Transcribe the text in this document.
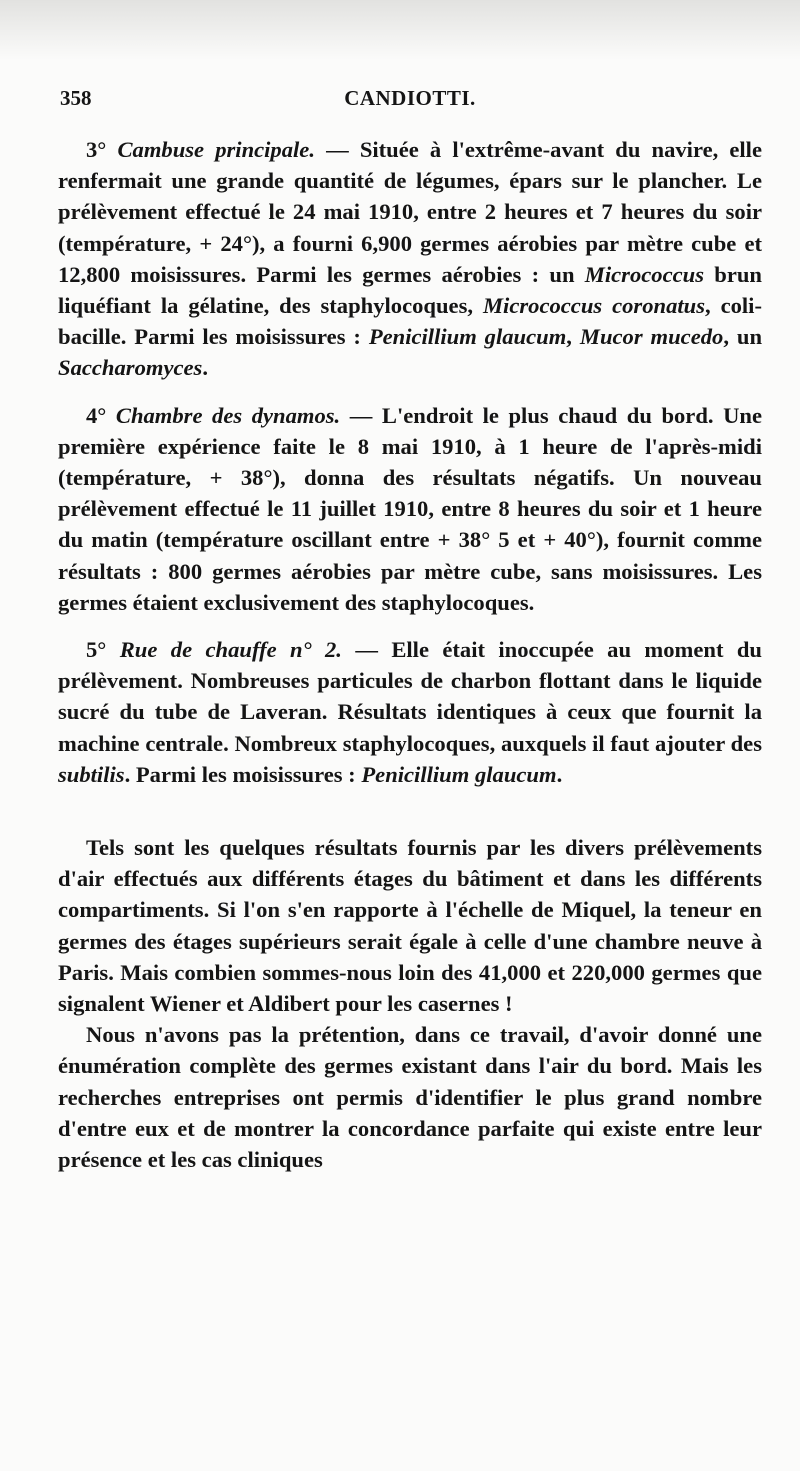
358	CANDIOTTI.

3° Cambuse principale. — Située à l'extrême-avant du navire, elle renfermait une grande quantité de légumes, épars sur le plancher. Le prélèvement effectué le 24 mai 1910, entre 2 heures et 7 heures du soir (température, + 24°), a fourni 6,900 germes aérobies par mètre cube et 12,800 moisissures. Parmi les germes aérobies : un Micrococcus brun liquéfiant la gélatine, des staphylocoques, Micrococcus coronatus, coli-bacille. Parmi les moisissures : Penicillium glaucum, Mucor mucedo, un Saccharomyces.

4° Chambre des dynamos. — L'endroit le plus chaud du bord. Une première expérience faite le 8 mai 1910, à 1 heure de l'après-midi (température, + 38°), donna des résultats négatifs. Un nouveau prélèvement effectué le 11 juillet 1910, entre 8 heures du soir et 1 heure du matin (température oscillant entre + 38° 5 et + 40°), fournit comme résultats : 800 germes aérobies par mètre cube, sans moisissures. Les germes étaient exclusivement des staphylocoques.

5° Rue de chauffe n° 2. — Elle était inoccupée au moment du prélèvement. Nombreuses particules de charbon flottant dans le liquide sucré du tube de Laveran. Résultats identiques à ceux que fournit la machine centrale. Nombreux staphylocoques, auxquels il faut ajouter des subtilis. Parmi les moisissures : Penicillium glaucum.

Tels sont les quelques résultats fournis par les divers prélèvements d'air effectués aux différents étages du bâtiment et dans les différents compartiments. Si l'on s'en rapporte à l'échelle de Miquel, la teneur en germes des étages supérieurs serait égale à celle d'une chambre neuve à Paris. Mais combien sommes-nous loin des 41,000 et 220,000 germes que signalent Wiener et Aldibert pour les casernes !

Nous n'avons pas la prétention, dans ce travail, d'avoir donné une énumération complète des germes existant dans l'air du bord. Mais les recherches entreprises ont permis d'identifier le plus grand nombre d'entre eux et de montrer la concordance parfaite qui existe entre leur présence et les cas cliniques
